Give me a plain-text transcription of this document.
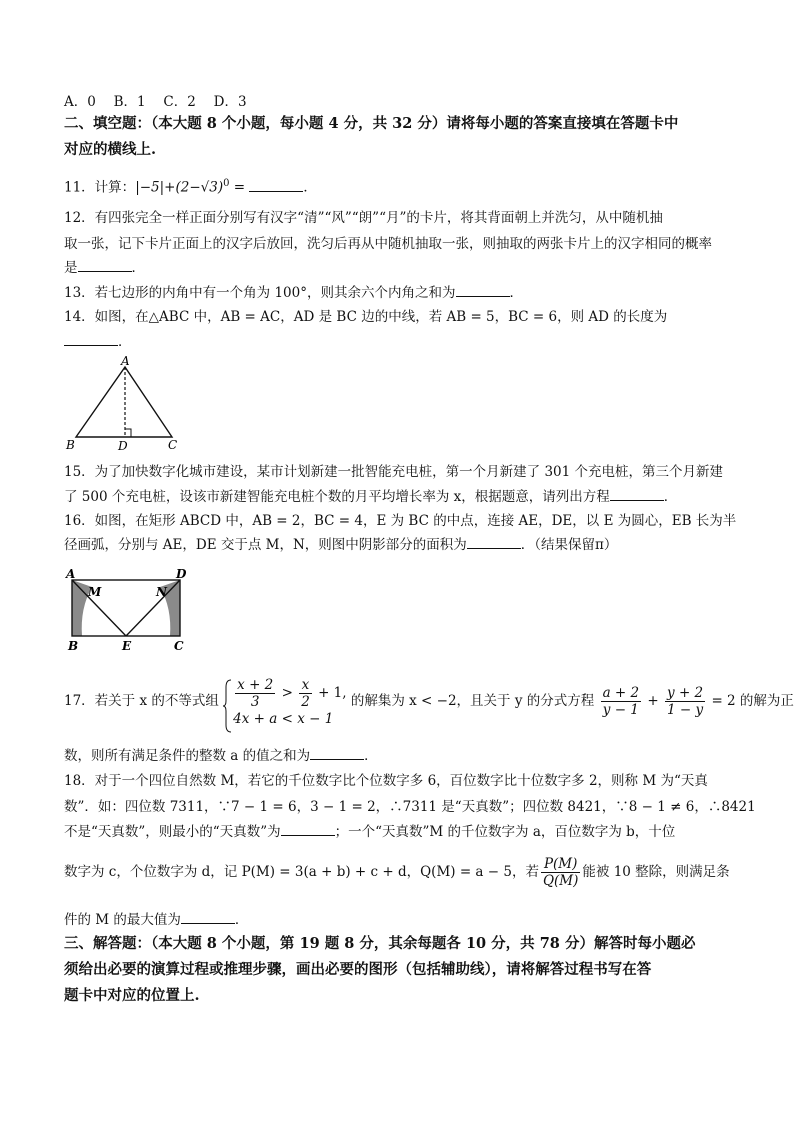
A．0　 B．1　 C．2　 D．3
二、填空题：（本大题 8 个小题，每小题 4 分，共 32 分）请将每小题的答案直接填在答题卡中
对应的横线上.
11．计算：$|-5|+(2-√3)^0$ =	．
12．有四张完全一样正面分别写有汉字“清”“风”“朗”“月”的卡片，将其背面朝上并洗匀，从中随机抽
取一张，记下卡片正面上的汉字后放回，洗匀后再从中随机抽取一张，则抽取的两张卡片上的汉字相同的概率
是	．
13．若七边形的内角中有一个角为 100°，则其余六个内角之和为	．
14．如图，在△ABC 中，AB = AC，AD 是 BC 边的中线，若 AB = 5，BC = 6，则 AD 的长度为
．
A
B	D	C
15．为了加快数字化城市建设，某市计划新建一批智能充电桩，第一个月新建了 301 个充电桩，第三个月新建
了 500 个充电桩，设该市新建智能充电桩个数的月平均增长率为 x，根据题意，请列出方程	．
16．如图，在矩形 ABCD 中，AB = 2，BC = 4，E 为 BC 的中点，连接 AE，DE，以 E 为圆心，EB 长为半
径画弧，分别与 AE，DE 交于点 M，N，则图中阴影部分的面积为	．（结果保留π）
A
M
D
N
B	E	C
17．若关于 x 的不等式组 $\frac{x + 2}{3} > \frac{x}{2} + 1$,
4x + a < x − 1
的解集为 x < −2，且关于 y 的分式方程 $\frac{a + 2}{y - 1} + \frac{y + 2}{1 - y} = 2$ 的解为正
数，则所有满足条件的整数 a 的值之和为	．
18．对于一个四位自然数 M，若它的千位数字比个位数字多 6，百位数字比十位数字多 2，则称 M 为“天真
数”．如：四位数 7311，∵7 − 1 = 6，3 − 1 = 2，∴7311 是“天真数”；四位数 8421，∵8 − 1 ≠ 6，∴8421
不是“天真数”，则最小的“天真数”为	；一个“天真数”M 的千位数字为 a，百位数字为 b，十位
数字为 c，个位数字为 d，记 P(M) = 3(a + b) + c + d，Q(M) = a − 5，若 $\frac{P(M)}{Q(M)}$ 能被 10 整除，则满足条
件的 M 的最大值为	．
三、解答题：（本大题 8 个小题，第 19 题 8 分，其余每题各 10 分，共 78 分）解答时每小题必
须给出必要的演算过程或推理步骤，画出必要的图形（包括辅助线），请将解答过程书写在答
题卡中对应的位置上.
